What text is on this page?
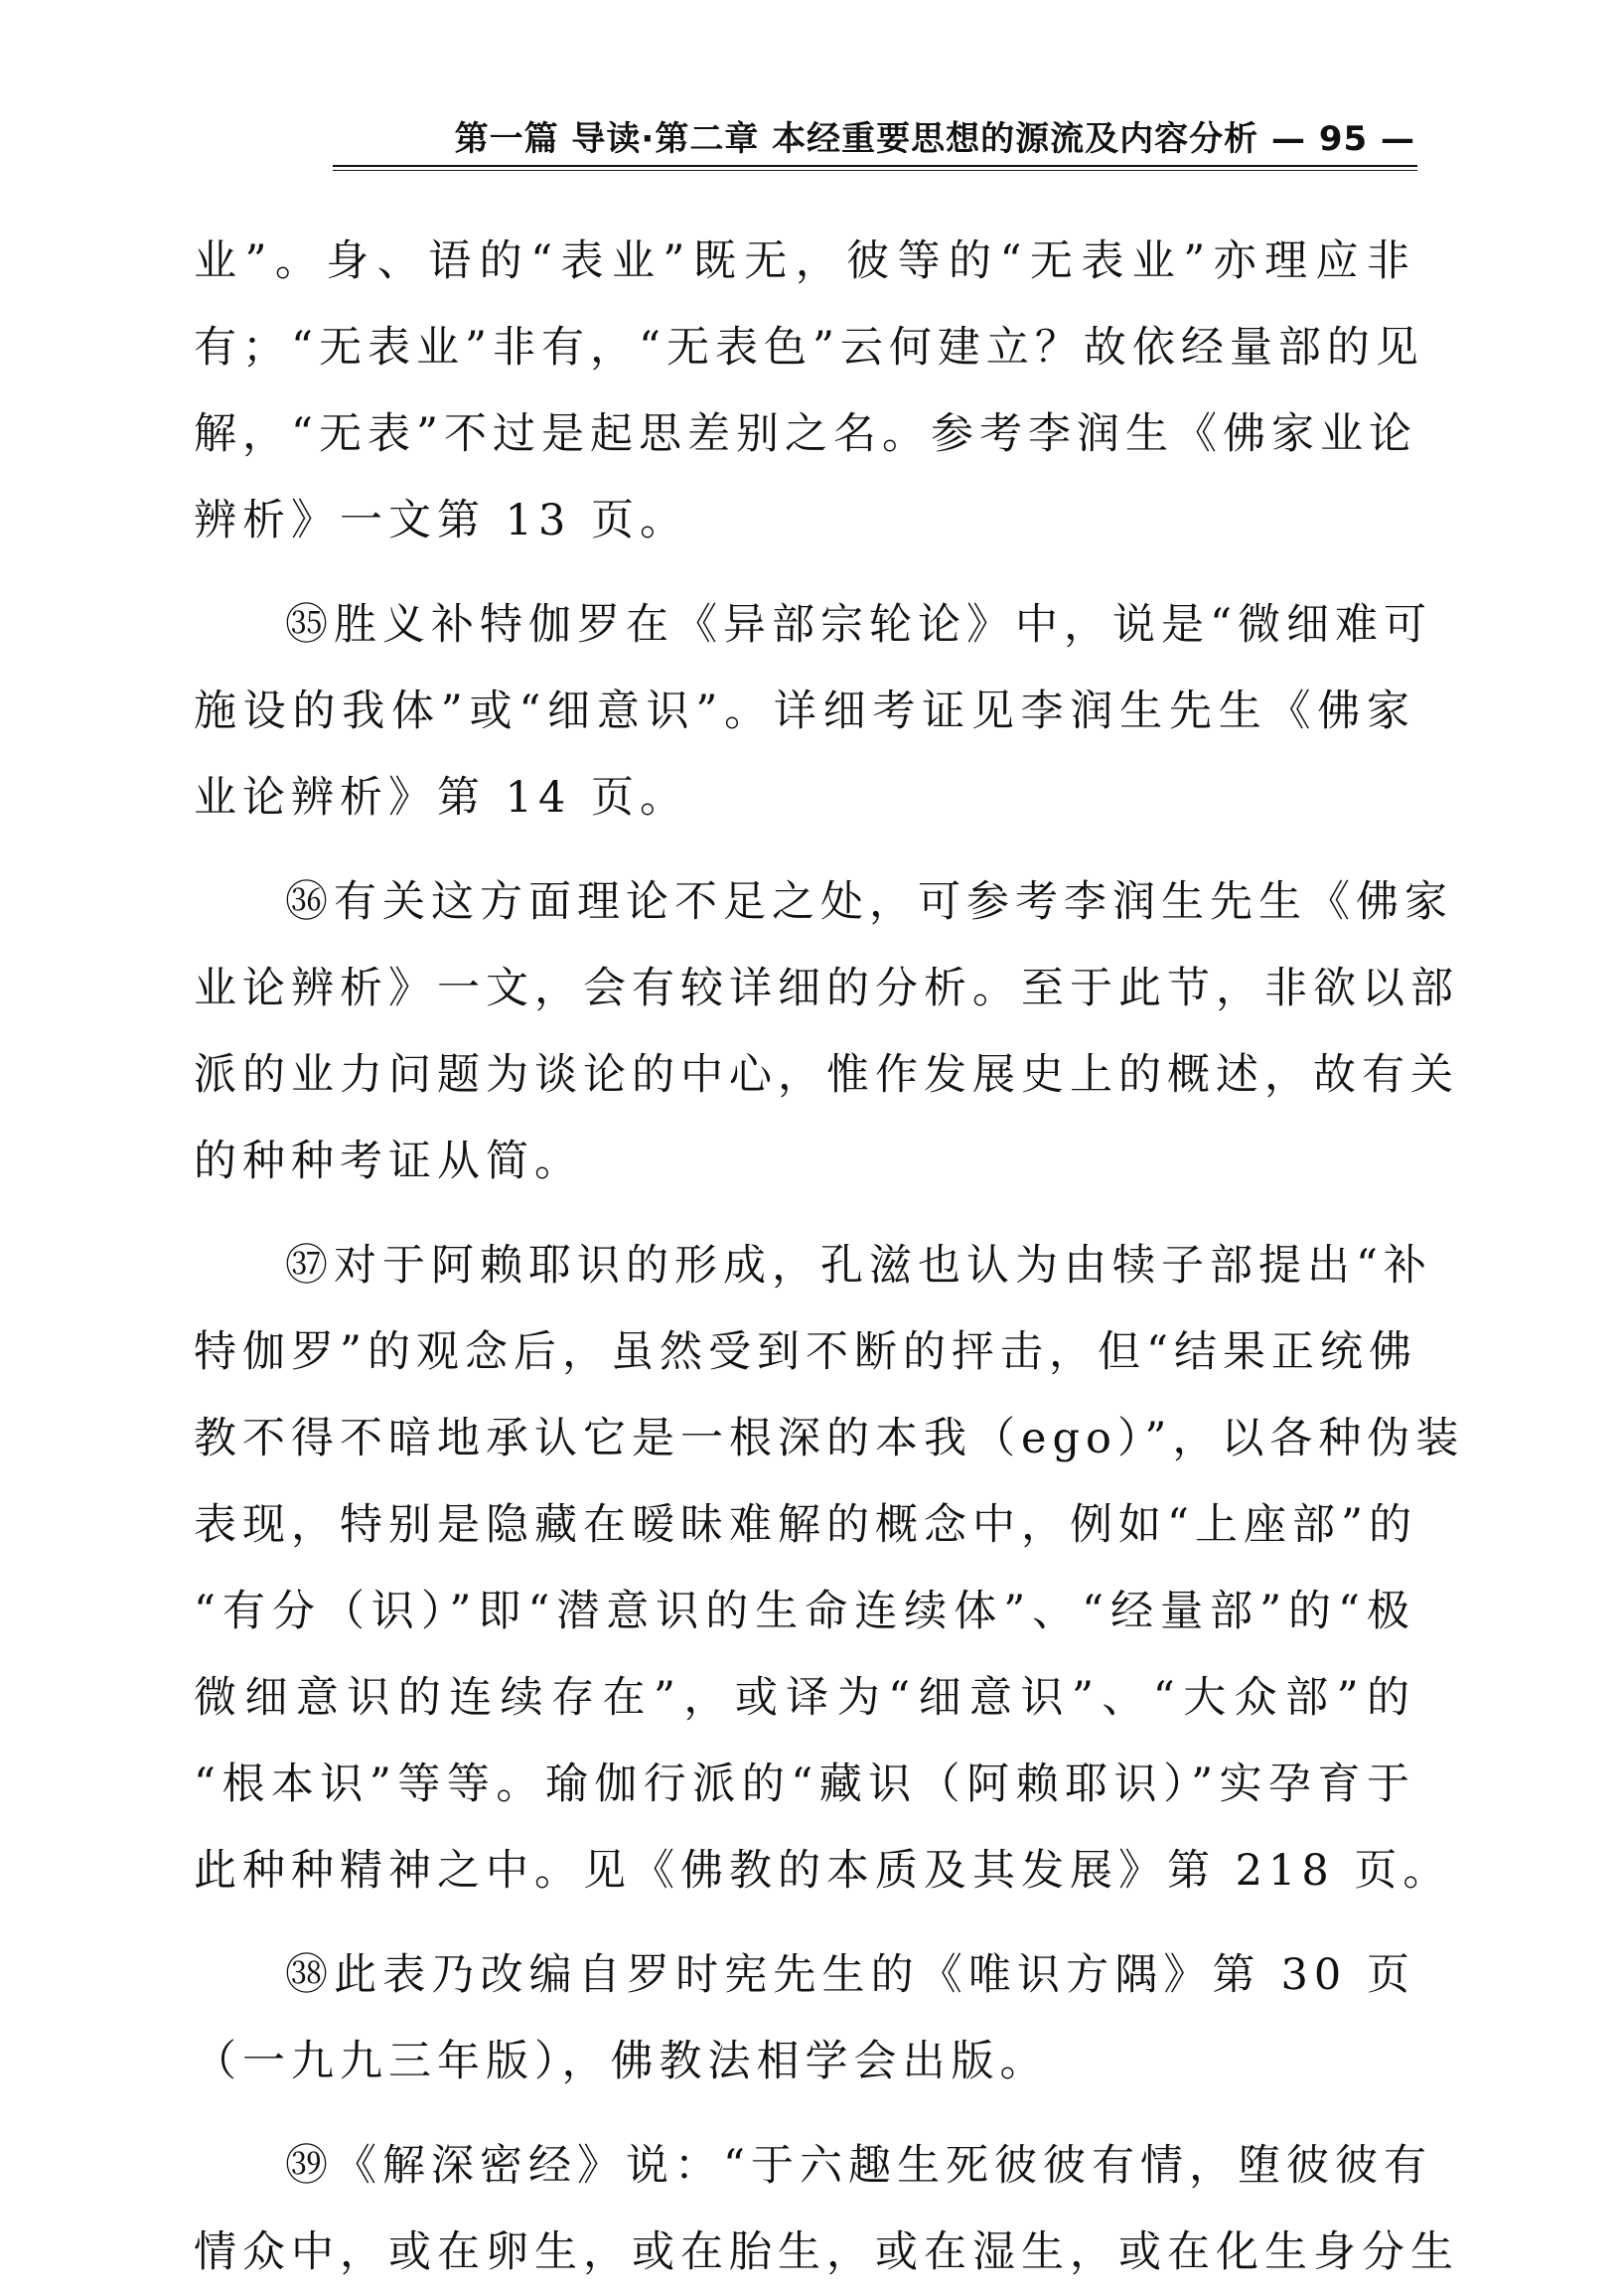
第一篇 导读·第二章 本经重要思想的源流及内容分析 — 95 —
业”。身、语的“表业”既无，彼等的“无表业”亦理应非
有；“无表业”非有，“无表色”云何建立？故依经量部的见
解，“无表”不过是起思差别之名。参考李润生《佛家业论
辨析》一文第 13 页。
㉟胜义补特伽罗在《异部宗轮论》中，说是“微细难可
施设的我体”或“细意识”。详细考证见李润生先生《佛家
业论辨析》第 14 页。
㊱有关这方面理论不足之处，可参考李润生先生《佛家
业论辨析》一文，会有较详细的分析。至于此节，非欲以部
派的业力问题为谈论的中心，惟作发展史上的概述，故有关
的种种考证从简。
㊲对于阿赖耶识的形成，孔滋也认为由犊子部提出“补
特伽罗”的观念后，虽然受到不断的抨击，但“结果正统佛
教不得不暗地承认它是一根深的本我（ego）”，以各种伪装
表现，特别是隐藏在暧昧难解的概念中，例如“上座部”的
“有分（识）”即“潜意识的生命连续体”、“经量部”的“极
微细意识的连续存在”，或译为“细意识”、“大众部”的
“根本识”等等。瑜伽行派的“藏识（阿赖耶识）”实孕育于
此种种精神之中。见《佛教的本质及其发展》第 218 页。
㊳此表乃改编自罗时宪先生的《唯识方隅》第 30 页
（一九九三年版），佛教法相学会出版。
㊴《解深密经》说：“于六趣生死彼彼有情，堕彼彼有
情众中，或在卵生，或在胎生，或在湿生，或在化生身分生
